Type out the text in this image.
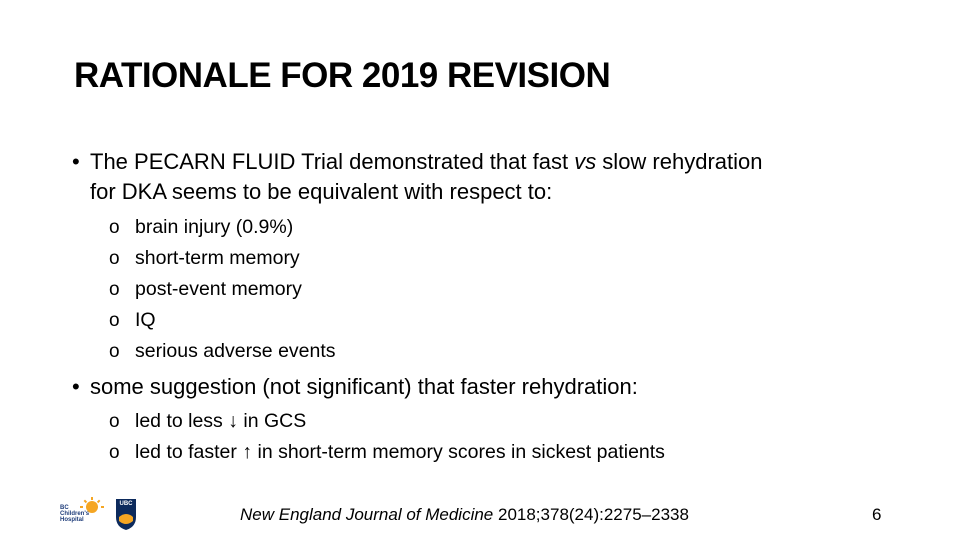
RATIONALE FOR 2019 REVISION
• The PECARN FLUID Trial demonstrated that fast vs slow rehydration
for DKA seems to be equivalent with respect to:
o brain injury (0.9%)
o short-term memory
o post-event memory
o IQ
o serious adverse events
• some suggestion (not significant) that faster rehydration:
o led to less ↓ in GCS
o led to faster ↑ in short-term memory scores in sickest patients
BC
Children's
Hospital
UBC
New England Journal of Medicine 2018;378(24):2275–2338	6
